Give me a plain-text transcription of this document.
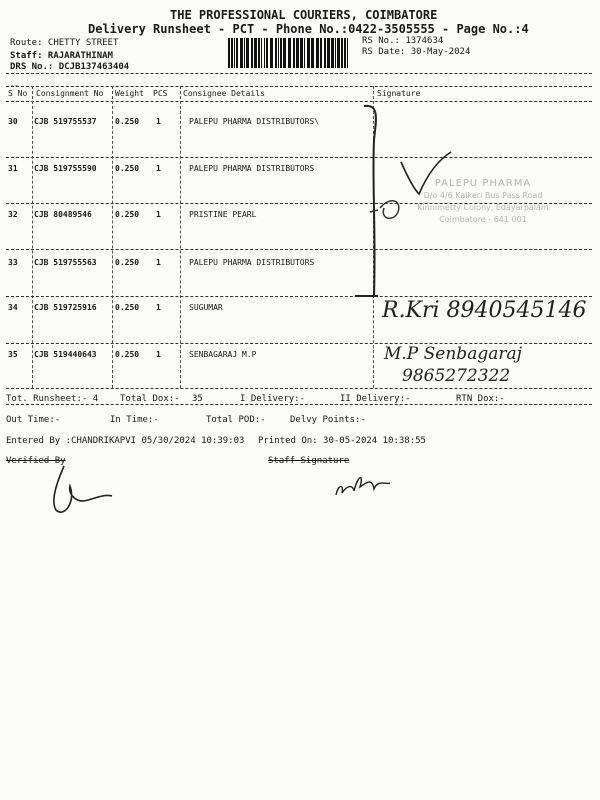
THE PROFESSIONAL COURIERS, COIMBATORE
Delivery Runsheet - PCT - Phone No.:0422-3505555 - Page No.:4
Route: CHETTY STREET
Staff: RAJARATHINAM
DRS No.: DCJB137463404
RS No.: 1374634
RS Date: 30-May-2024
--
S No Consignment No Weight PCS Consignee Details	Signature
30 CJB 519755537 0.250 1	PALEPU PHARMA DISTRIBUTORS\
31 CJB 519755590 0.250 1	PALEPU PHARMA DISTRIBUTORS
32 CJB 80489546	0.250 1	PRISTINE PEARL
33 CJB 519755563 0.250 1	PALEPU PHARMA DISTRIBUTORS
34 CJB 519725916 0.250 1	SUGUMAR
35 CJB 519440643 0.250 1	SENBAGARAJ M.P
PALEPU PHARMA
D/o 4/6 Kalkeri Bus Pass Road
Kinnimetty Colony, Edayarpalam
Coimbatore - 641 001
R.Kri 8940545146
M.P Senbagaraj
9865272322
Tot. Runsheet:- 4 Total Dox:- 35	I Delivery:-	II Delivery:-	RTN Dox:-
Out Time:-	In Time:-	Total POD:-	Delvy Points:-
Entered By :CHANDRIKAPVI 05/30/2024 10:39:03 Printed On: 30-05-2024 10:38:55
Verified By	Staff Signature
